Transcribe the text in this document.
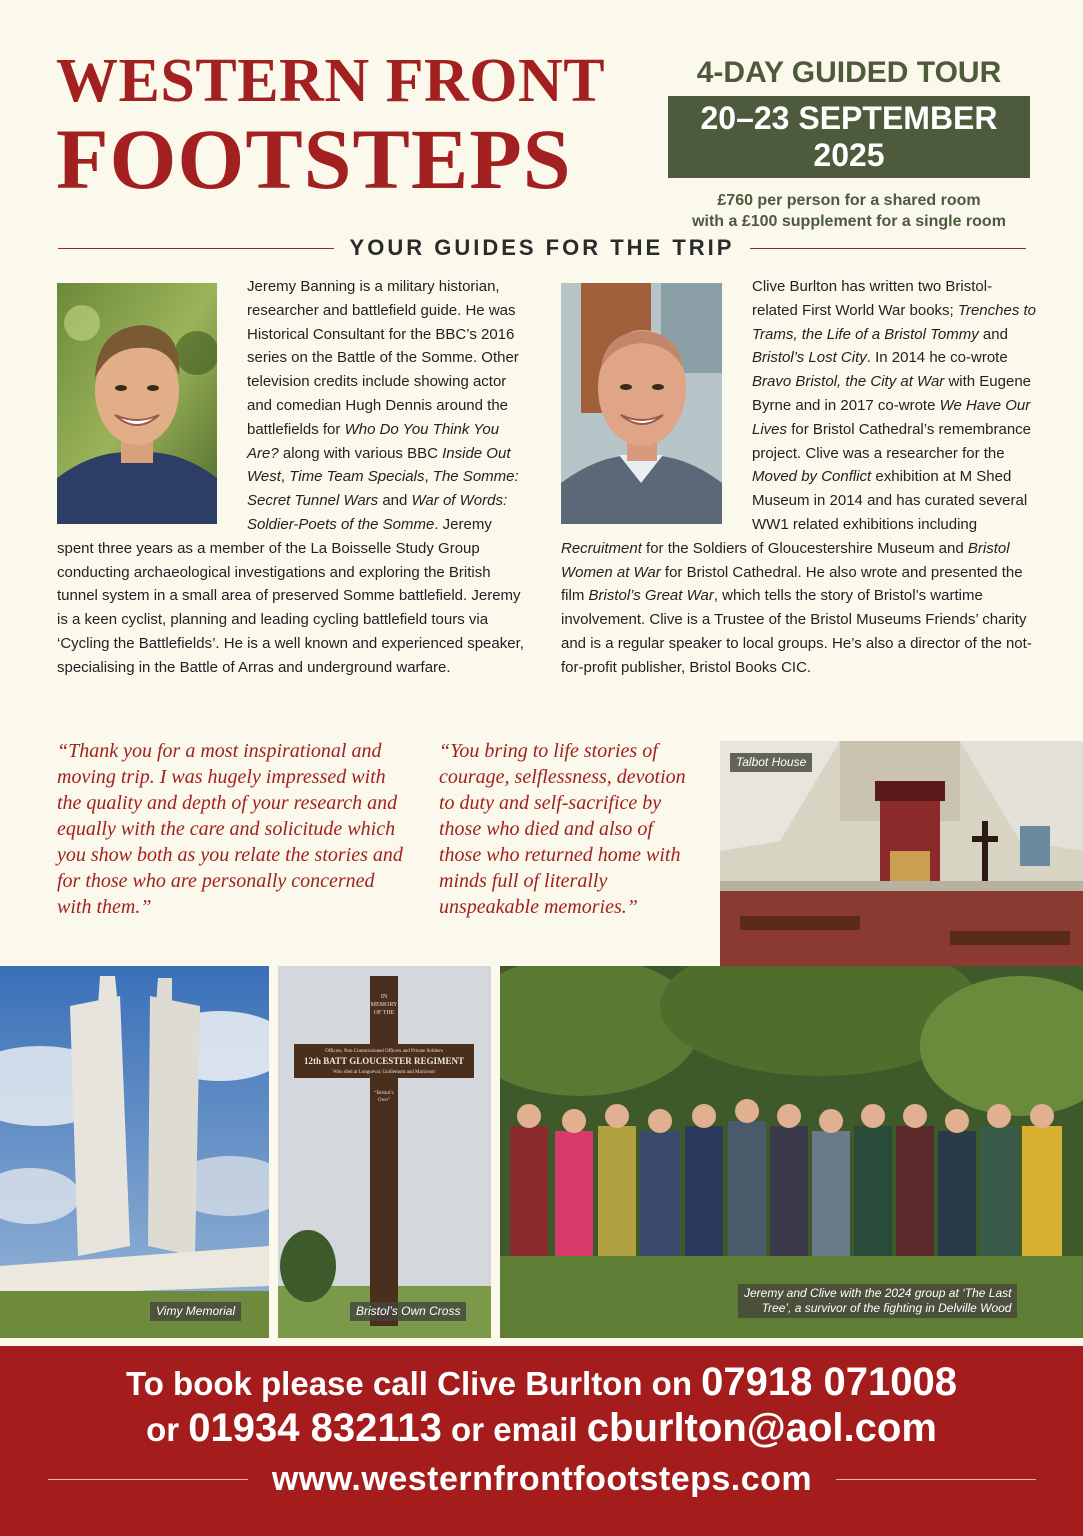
WESTERN FRONT
FOOTSTEPS
4-DAY GUIDED TOUR
20–23 SEPTEMBER 2025
£760 per person for a shared room
with a £100 supplement for a single room
YOUR GUIDES FOR THE TRIP
Jeremy Banning is a military historian, researcher and battlefield guide. He was Historical Consultant for the BBC’s 2016 series on the Battle of the Somme. Other television credits include showing actor and comedian Hugh Dennis around the battlefields for Who Do You Think You Are? along with various BBC Inside Out West, Time Team Specials, The Somme: Secret Tunnel Wars and War of Words: Soldier-Poets of the Somme. Jeremy spent three years as a member of the La Boisselle Study Group conducting archaeological investigations and exploring the British tunnel system in a small area of preserved Somme battlefield. Jeremy is a keen cyclist, planning and leading cycling battlefield tours via ‘Cycling the Battlefields’. He is a well known and experienced speaker, specialising in the Battle of Arras and underground warfare.
Clive Burlton has written two Bristol-related First World War books; Trenches to Trams, the Life of a Bristol Tommy and Bristol’s Lost City. In 2014 he co-wrote Bravo Bristol, the City at War with Eugene Byrne and in 2017 co-wrote We Have Our Lives for Bristol Cathedral’s remembrance project. Clive was a researcher for the Moved by Conflict exhibition at M Shed Museum in 2014 and has curated several WW1 related exhibitions including Recruitment for the Soldiers of Gloucestershire Museum and Bristol Women at War for Bristol Cathedral. He also wrote and presented the film Bristol’s Great War, which tells the story of Bristol’s wartime involvement. Clive is a Trustee of the Bristol Museums Friends’ charity and is a regular speaker to local groups. He’s also a director of the not-for-profit publisher, Bristol Books CIC.
“Thank you for a most inspirational and moving trip. I was hugely impressed with the quality and depth of your research and equally with the care and solicitude which you show both as you relate the stories and for those who are personally concerned with them.”
“You bring to life stories of courage, selflessness, devotion to duty and self-sacrifice by those who died and also of those who returned home with minds full of literally unspeakable memories.”
Talbot House
Vimy Memorial
IN
MEMORY
OF THE
Officers, Non Commissioned Officers and Private Soldiers
12th BATT GLOUCESTER REGIMENT
Who died at Longueval, Guillemont and Maricourt
“Bristol’s
Own”
Bristol’s Own Cross
Jeremy and Clive with the 2024 group at ‘The Last
Tree’, a survivor of the fighting in Delville Wood
To book please call Clive Burlton on 07918 071008
or 01934 832113 or email cburlton@aol.com
www.westernfrontfootsteps.com
